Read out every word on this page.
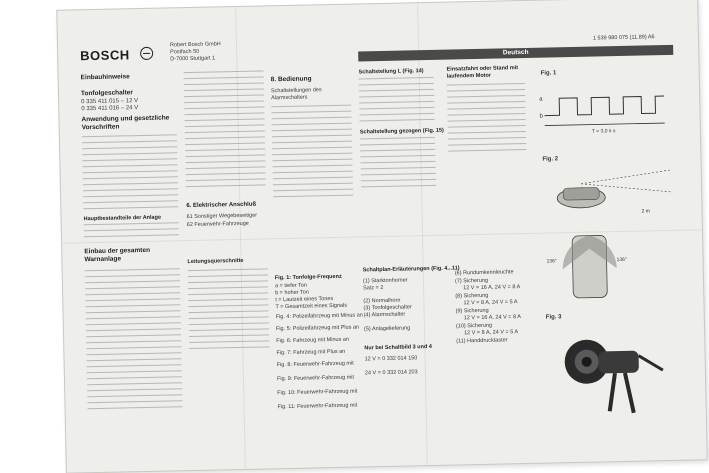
BOSCH
Robert Bosch GmbH
Postfach 50
D-7000 Stuttgart 1
1 539 980 075 (11.89) A6
Deutsch
Einbauhinweise
Tonfolgeschalter
0 335 411 015 – 12 V
0 335 411 016 – 24 V
Anwendung und gesetzliche Vorschriften
Hauptbestandteile der Anlage
Einbau der gesamten Warnanlage
6. Elektrischer Anschluß
61 Sonstiger Wegebeseitiger
62 Feuerwehr-Fahrzeuge
Leitungsquerschnitte
8. Bedienung
Schaltstellungen des Alarmschalters
Fig. 1: Tonfolge-Frequenz
a = tiefer Ton
b = hoher Ton
t = Lautzeit eines Tones
T = Gesamtzeit eines Signals
Fig. 4: Polizeifahrzeug mit Minus an
Fig. 5: Polizeifahrzeug mit Plus an
Fig. 6: Fahrzeug mit Minus an
Fig. 7: Fahrzeug mit Plus an
Fig. 8: Feuerwehr-Fahrzeug mit
Fig. 9: Feuerwehr-Fahrzeug mit
Fig. 10: Feuerwehr-Fahrzeug mit
Fig. 11: Feuerwehr-Fahrzeug mit
Schaltstellung L (Fig. 14)
Schaltstellung gezogen (Fig. 15)
Schaltplan-Erläuterungen (Fig. 4...11)
(1) Starktonhorner
Satz = 2
(2) Normalhorn
(3) Tonfolgeschalter
(4) Alarmschalter
(5) Anlagelieferung
Nur bei Schaltbild 3 und 4
12 V = 0 332 014 150
24 V = 0 332 014 203
Einsatzfahrt oder Stand mit laufendem Motor
(6) Rundumkennleuchte
(7) Sicherung
12 V = 16 A, 24 V = 8 A
(8) Sicherung
12 V = 8 A, 24 V = 5 A
(9) Sicherung
12 V = 16 A, 24 V = 8 A
(10) Sicherung
12 V = 8 A, 24 V = 5 A
(11) Handdrucktaster
Fig. 1
a
b
T = 3,0 s ±
Fig. 2
2 m
136°	136°
Fig. 3
